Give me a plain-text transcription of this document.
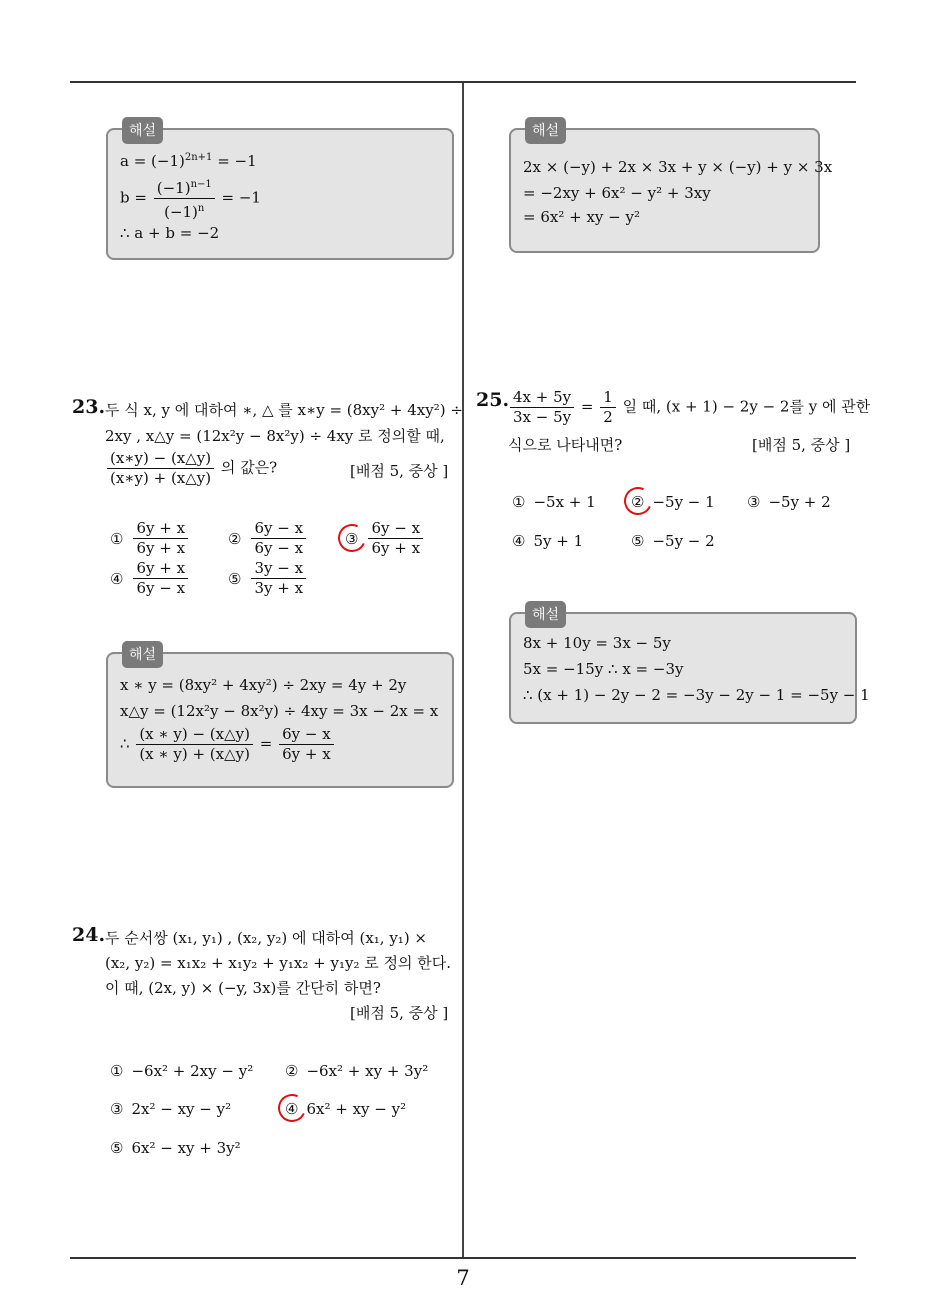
해설
$a = (-1)^{2n+1} = -1$
$b = \frac{(-1)^{n-1}}{(-1)^n} = -1$
∴ a + b = −2
해설
2x × (−y) + 2x × 3x + y × (−y) + y × 3x
= −2xy + 6x² − y² + 3xy
= 6x² + xy − y²
23. 두 식 x, y 에 대하여 ∗, △ 를 x∗y = (8xy² + 4xy²) ÷
2xy , x△y = (12x²y − 8x²y) ÷ 4xy 로 정의할 때,
$\frac{(x∗y) - (x\triangle y)}{(x∗y) + (x\triangle y)}$ 의 값은?	[배점 5, 중상 ]
① $\frac{6y + x}{6y + x}$	② $\frac{6y - x}{6y - x}$	③ $\frac{6y - x}{6y + x}$
④ $\frac{6y + x}{6y - x}$	⑤ $\frac{3y - x}{3y + x}$
해설
x ∗ y = (8xy² + 4xy²) ÷ 2xy = 4y + 2y
x△y = (12x²y − 8x²y) ÷ 4xy = 3x − 2x = x
∴ $\frac{(x ∗ y) - (x\triangle y)}{(x ∗ y) + (x\triangle y)} = \frac{6y - x}{6y + x}$
24. 두 순서쌍 (x₁, y₁) , (x₂, y₂) 에 대하여 (x₁, y₁) ×
(x₂, y₂) = x₁x₂ + x₁y₂ + y₁x₂ + y₁y₂ 로 정의 한다.
이 때, (2x, y) × (−y, 3x)를 간단히 하면?
[배점 5, 중상 ]
① −6x² + 2xy − y² ② −6x² + xy + 3y²
③ 2x² − xy − y²	④ 6x² + xy − y²
⑤ 6x² − xy + 3y²
25. $\frac{4x + 5y}{3x - 5y} = \frac{1}{2}$ 일 때, (x + 1) − 2y − 2를 y 에 관한
식으로 나타내면?	[배점 5, 중상 ]
① −5x + 1 ② −5y − 1 ③ −5y + 2
④ 5y + 1	⑤ −5y − 2
해설
8x + 10y = 3x − 5y
5x = −15y ∴ x = −3y
∴ (x + 1) − 2y − 2 = −3y − 2y − 1 = −5y − 1
7
